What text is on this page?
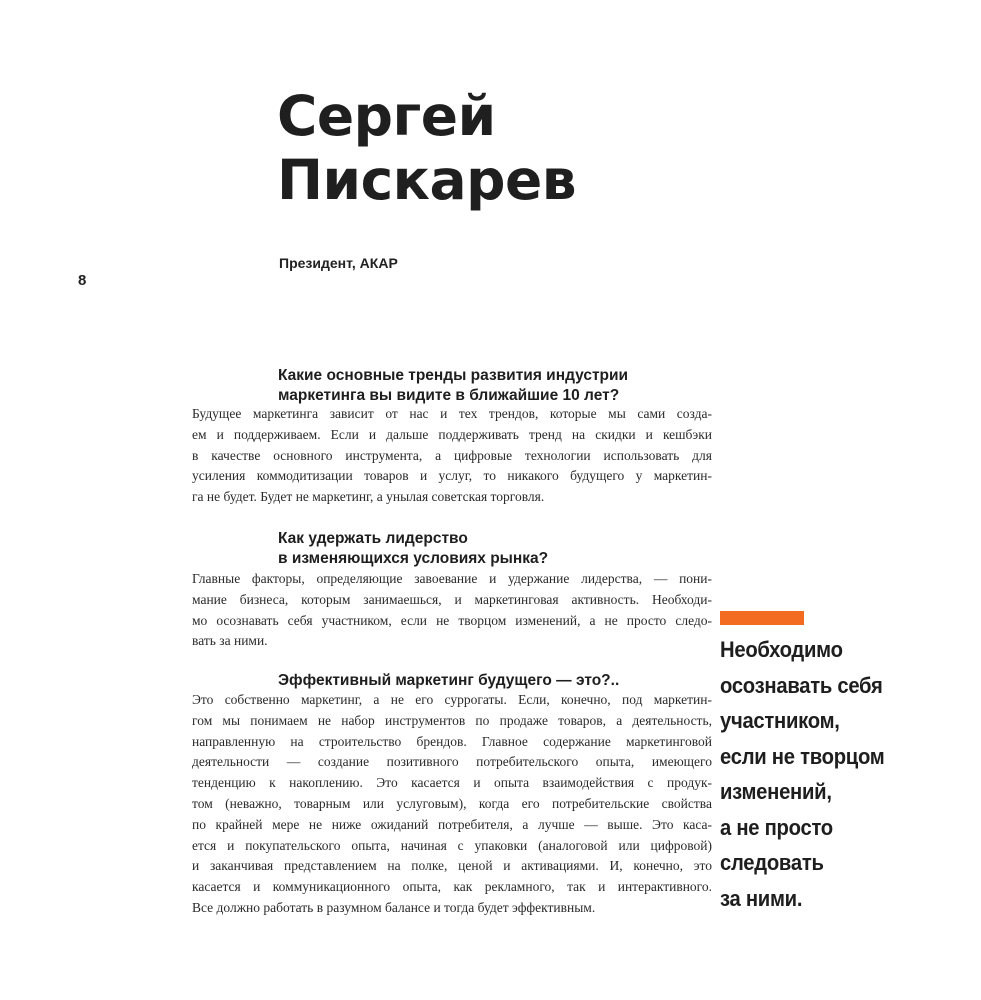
8
Сергей
Пискарев
Президент, АКАР
Какие основные тренды развития индустрии
маркетинга вы видите в ближайшие 10 лет?
Будущее маркетинга зависит от нас и тех трендов, которые мы сами созда-
ем и поддерживаем. Если и дальше поддерживать тренд на скидки и кешбэки
в качестве основного инструмента, а цифровые технологии использовать для
усиления коммодитизации товаров и услуг, то никакого будущего у маркетин-
га не будет. Будет не маркетинг, а унылая советская торговля.
Как удержать лидерство
в изменяющихся условиях рынка?
Главные факторы, определяющие завоевание и удержание лидерства, — пони-
мание бизнеса, которым занимаешься, и маркетинговая активность. Необходи-
мо осознавать себя участником, если не творцом изменений, а не просто следо-
вать за ними.
Эффективный маркетинг будущего — это?..
Это собственно маркетинг, а не его суррогаты. Если, конечно, под маркетин-
гом мы понимаем не набор инструментов по продаже товаров, а деятельность,
направленную на строительство брендов. Главное содержание маркетинговой
деятельности — создание позитивного потребительского опыта, имеющего
тенденцию к накоплению. Это касается и опыта взаимодействия с продук-
том (неважно, товарным или услуговым), когда его потребительские свойства
по крайней мере не ниже ожиданий потребителя, а лучше — выше. Это каса-
ется и покупательского опыта, начиная с упаковки (аналоговой или цифровой)
и заканчивая представлением на полке, ценой и активациями. И, конечно, это
касается и коммуникационного опыта, как рекламного, так и интерактивного.
Все должно работать в разумном балансе и тогда будет эффективным.
Необходимо
осознавать себя
участником,
если не творцом
изменений,
а не просто
следовать
за ними.
